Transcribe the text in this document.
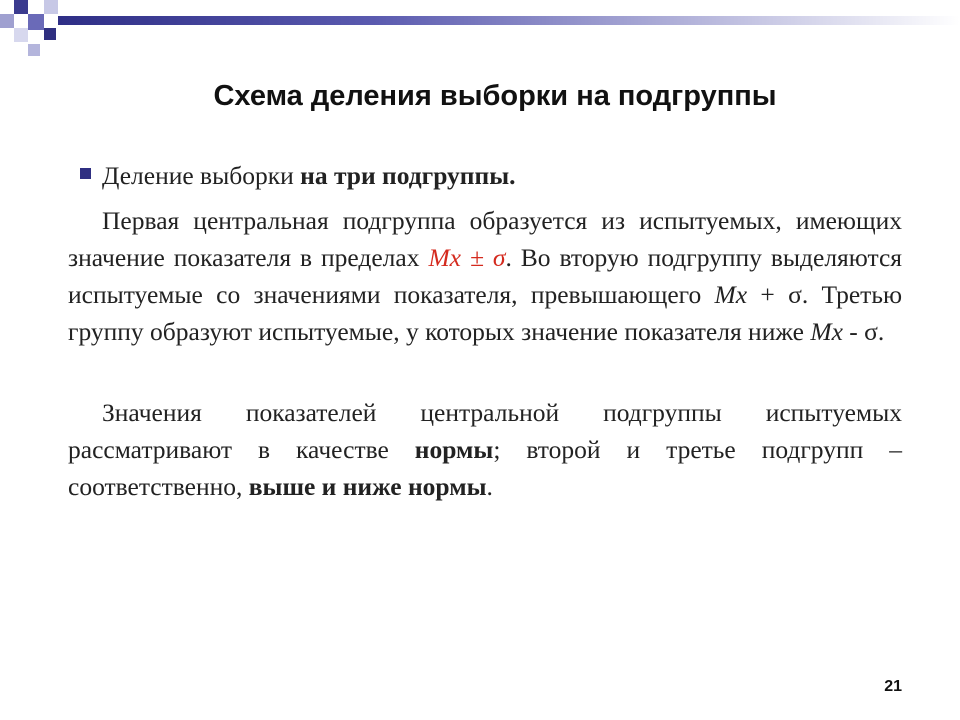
Схема деления выборки на подгруппы
Деление выборки на три подгруппы.

Первая центральная подгруппа образуется из испытуемых, имеющих значение показателя в пределах Mx ± σ. Во вторую подгруппу выделяются испытуемые со значениями показателя, превышающего Mx + σ. Третью группу образуют испытуемые, у которых значение показателя ниже Mx - σ.

Значения показателей центральной подгруппы испытуемых рассматривают в качестве нормы; второй и третье подгрупп – соответственно, выше и ниже нормы.

21
